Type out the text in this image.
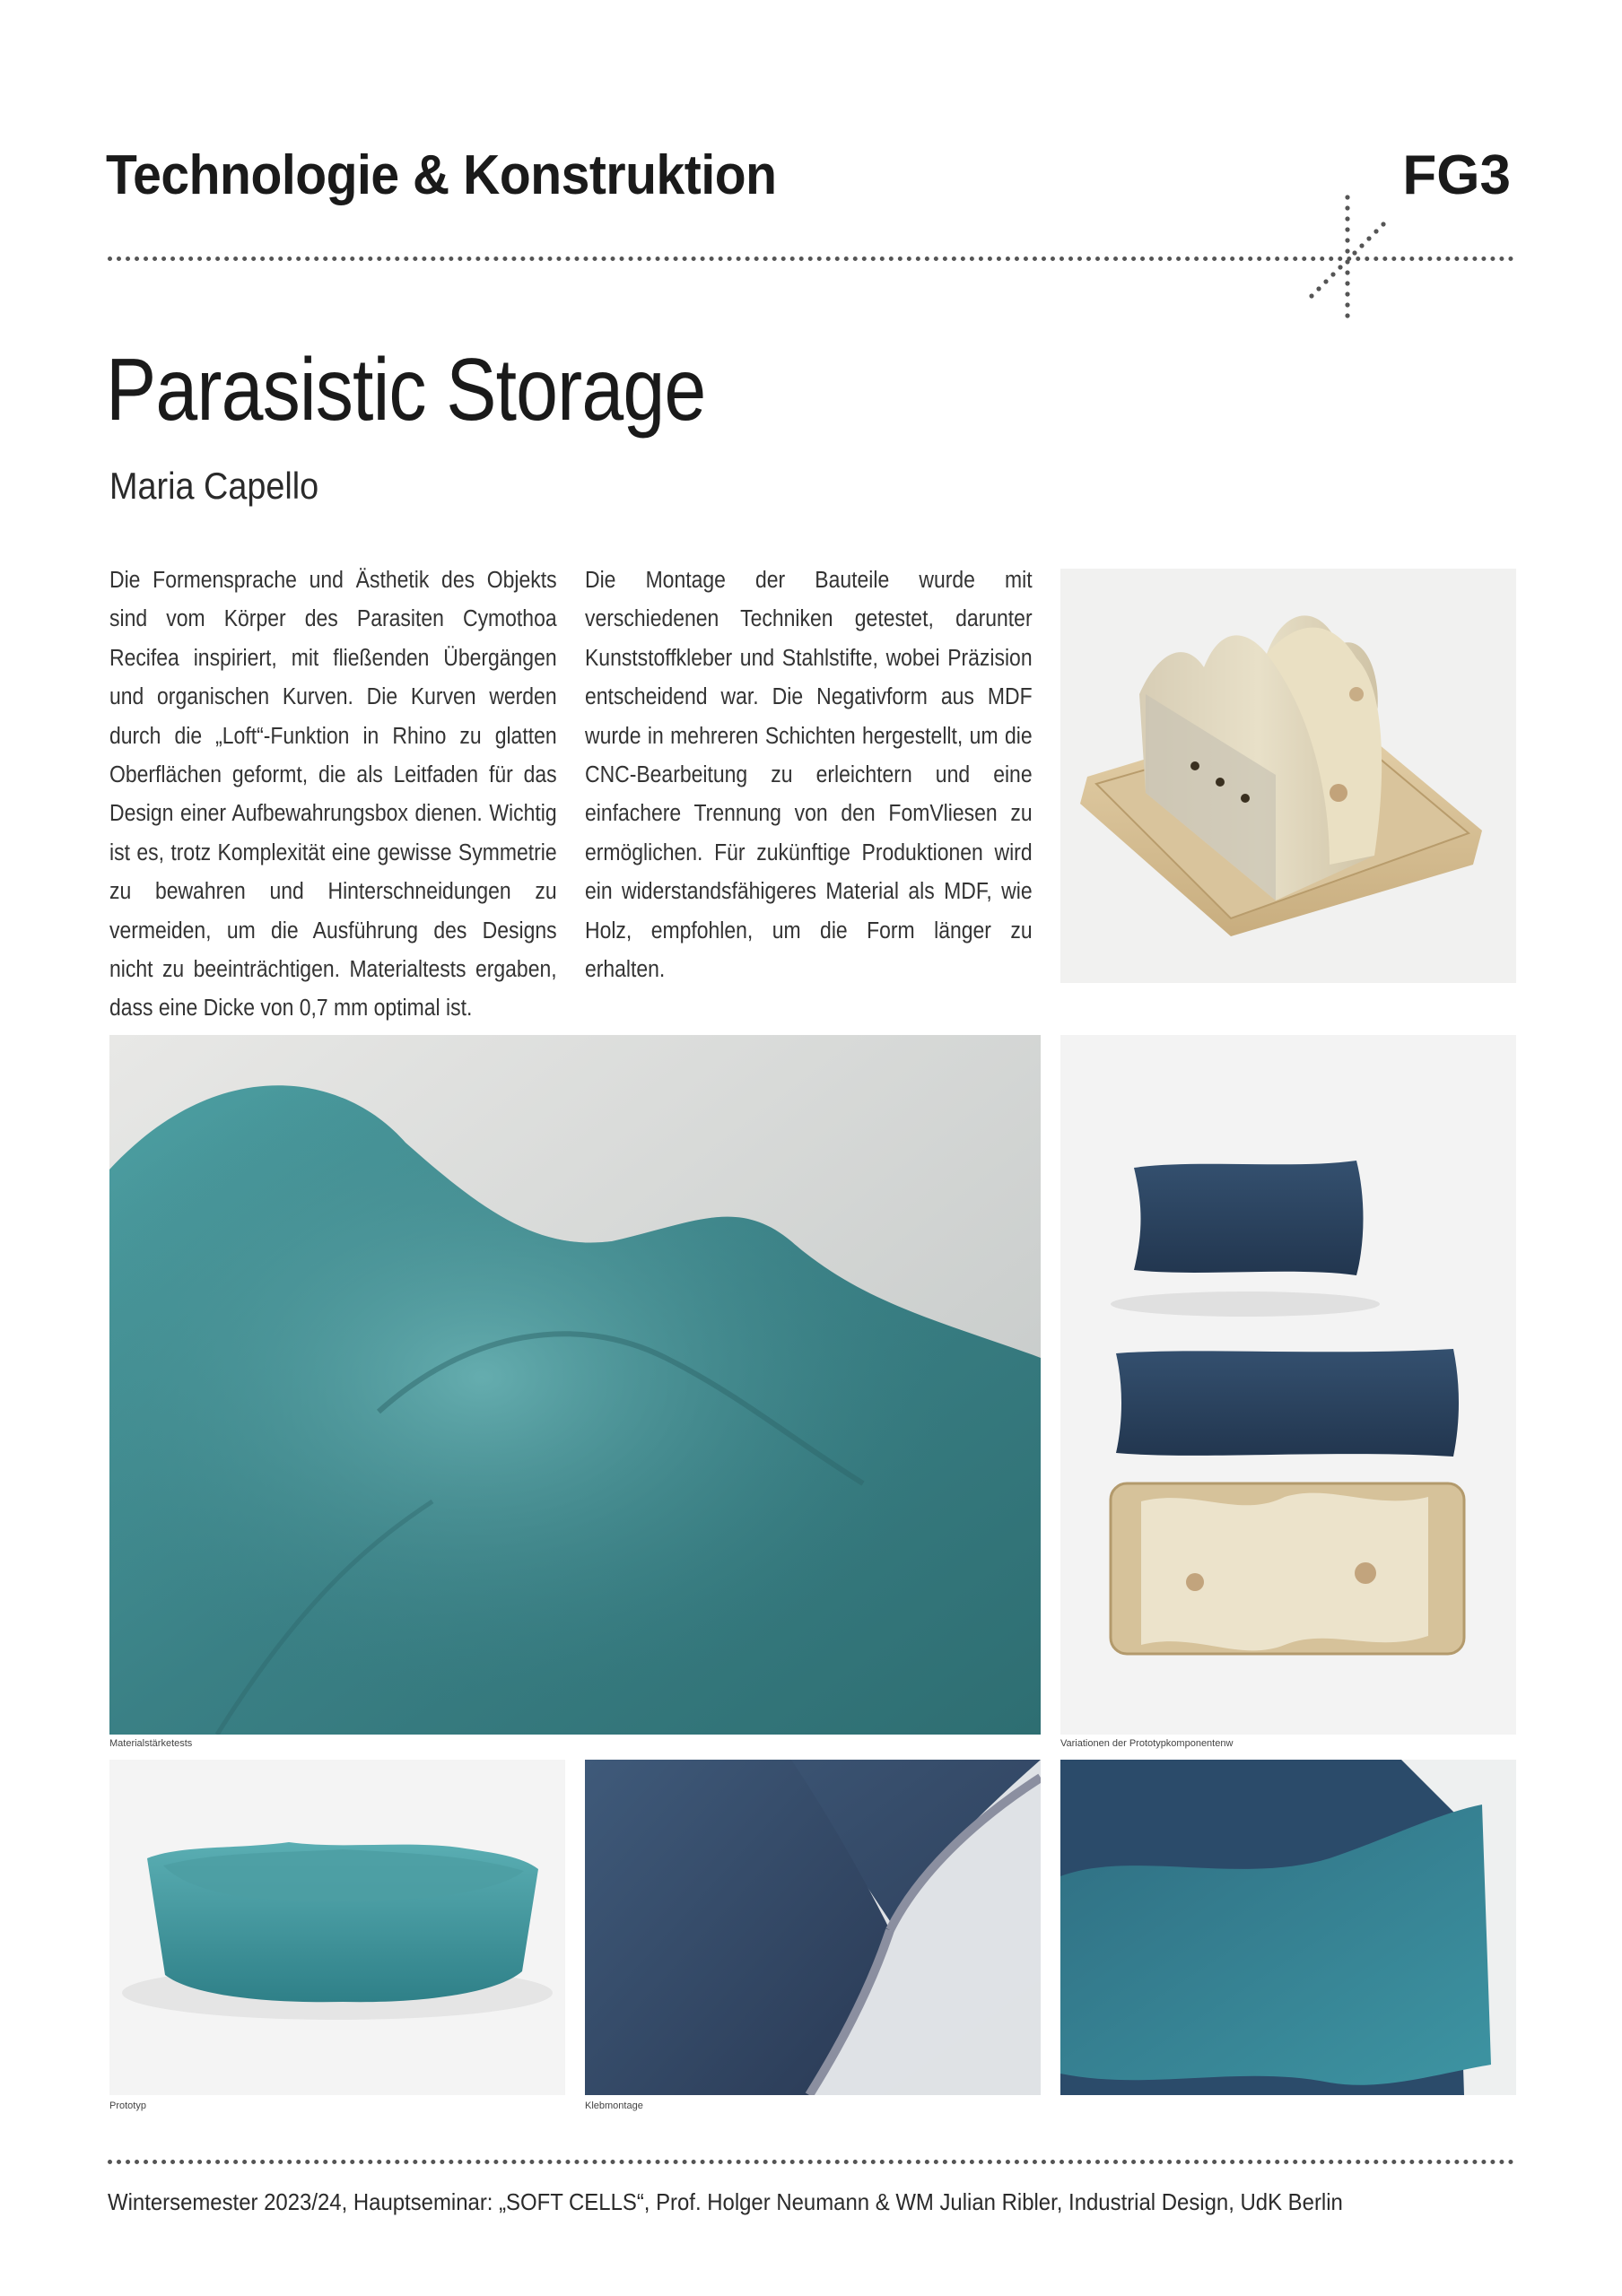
Technologie & Konstruktion	FG3
Parasistic Storage
Maria Capello
Die Formensprache und Ästhetik des Objekts sind vom Körper des Parasiten Cymothoa Recifea inspiriert, mit fließenden Übergängen und organischen Kurven. Die Kurven werden durch die „Loft“-Funktion in Rhino zu glatten Oberflächen geformt, die als Leitfaden für das Design einer Aufbewahrungsbox dienen. Wichtig ist es, trotz Komplexität eine gewisse Symmetrie zu bewahren und Hinterschneidungen zu vermeiden, um die Ausführung des Designs nicht zu beeinträchtigen. Materialtests ergaben, dass eine Dicke von 0,7 mm optimal ist.
Die Montage der Bauteile wurde mit verschiedenen Techniken getestet, darunter Kunststoffkleber und Stahlstifte, wobei Präzision entscheidend war. Die Negativform aus MDF wurde in mehreren Schichten hergestellt, um die CNC-Bearbeitung zu erleichtern und eine einfachere Trennung von den FomVliesen zu ermöglichen. Für zukünftige Produktionen wird ein widerstandsfähigeres Material als MDF, wie Holz, empfohlen, um die Form länger zu erhalten.
Materialstärketests	Variationen der Prototypkomponentenw
Prototyp	Klebmontage
Wintersemester 2023/24, Hauptseminar: „SOFT CELLS“, Prof. Holger Neumann & WM Julian Ribler, Industrial Design, UdK Berlin
